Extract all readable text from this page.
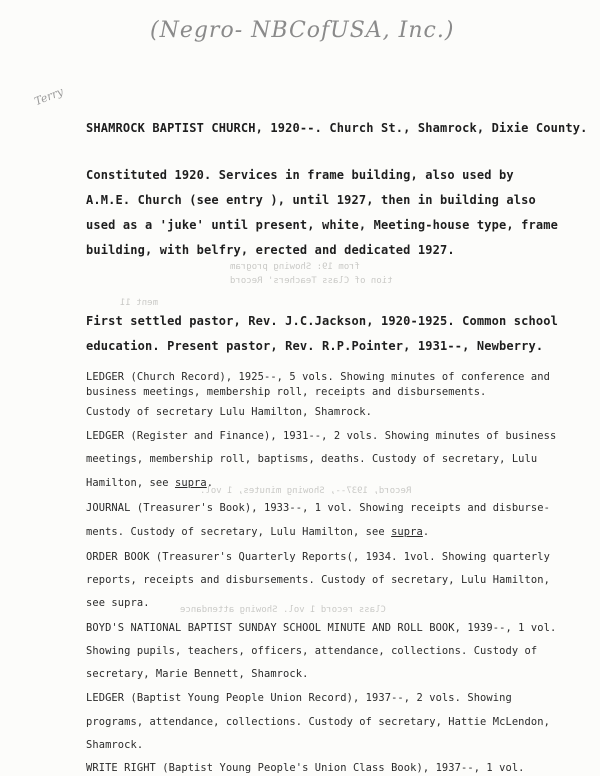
(Negro- NBCofUSA, Inc.)
Terry
from 19: Showing program
tion of Class Teachers' Record
ment 11
Record, 1937--, Showing minutes, 1 vol.
Class record 1 vol. Showing attendance
SHAMROCK BAPTIST CHURCH, 1920--. Church St., Shamrock, Dixie County.
Constituted 1920. Services in frame building, also used by
A.M.E. Church (see entry ), until 1927, then in building also
used as a 'juke' until present, white, Meeting-house type, frame
building, with belfry, erected and dedicated 1927.
First settled pastor, Rev. J.C.Jackson, 1920-1925. Common school
education. Present pastor, Rev. R.P.Pointer, 1931--, Newberry.
LEDGER (Church Record), 1925--, 5 vols. Showing minutes of conference and
business meetings, membership roll, receipts and disbursements.
Custody of secretary Lulu Hamilton, Shamrock.
LEDGER (Register and Finance), 1931--, 2 vols. Showing minutes of business
meetings, membership roll, baptisms, deaths. Custody of secretary, Lulu
Hamilton, see supra.
JOURNAL (Treasurer's Book), 1933--, 1 vol. Showing receipts and disburse-
ments. Custody of secretary, Lulu Hamilton, see supra.
ORDER BOOK (Treasurer's Quarterly Reports(, 1934. 1vol. Showing quarterly
reports, receipts and disbursements. Custody of secretary, Lulu Hamilton,
see supra.
BOYD'S NATIONAL BAPTIST SUNDAY SCHOOL MINUTE AND ROLL BOOK, 1939--, 1 vol.
Showing pupils, teachers, officers, attendance, collections. Custody of
secretary, Marie Bennett, Shamrock.
LEDGER (Baptist Young People Union Record), 1937--, 2 vols. Showing
programs, attendance, collections. Custody of secretary, Hattie McLendon,
Shamrock.
WRITE RIGHT (Baptist Young People's Union Class Book), 1937--, 1 vol.
